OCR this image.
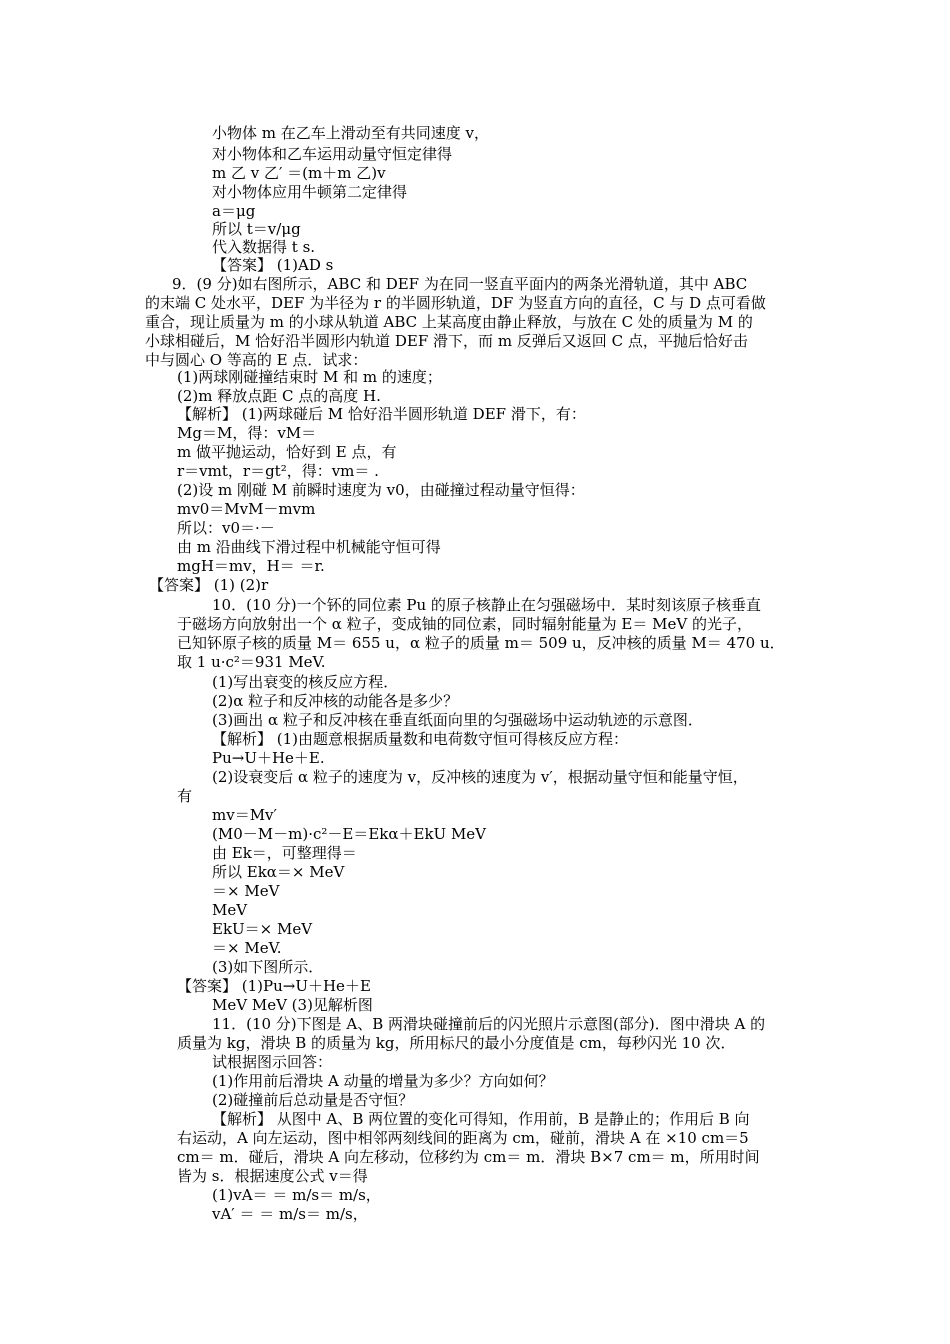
小物体 m 在乙车上滑动至有共同速度 v，
对小物体和乙车运用动量守恒定律得
m 乙 v 乙′ ＝(m＋m 乙)v
对小物体应用牛顿第二定律得
a＝μg
所以 t＝v/μg
代入数据得 t s.
【答案】 (1)AD s
9．(9 分)如右图所示，ABC 和 DEF 为在同一竖直平面内的两条光滑轨道，其中 ABC
的末端 C 处水平，DEF 为半径为 r 的半圆形轨道，DF 为竖直方向的直径，C 与 D 点可看做
重合，现让质量为 m 的小球从轨道 ABC 上某高度由静止释放，与放在 C 处的质量为 M 的
小球相碰后，M 恰好沿半圆形内轨道 DEF 滑下，而 m 反弹后又返回 C 点，平抛后恰好击
中与圆心 O 等高的 E 点．试求：
(1)两球刚碰撞结束时 M 和 m 的速度；
(2)m 释放点距 C 点的高度 H.
【解析】 (1)两球碰后 M 恰好沿半圆形轨道 DEF 滑下，有：
Mg＝M，得：vM＝
m 做平抛运动，恰好到 E 点，有
r＝vmt，r＝gt²，得：vm＝ .
(2)设 m 刚碰 M 前瞬时速度为 v0，由碰撞过程动量守恒得：
mv0＝MvM－mvm
所以：v0＝·－
由 m 沿曲线下滑过程中机械能守恒可得
mgH＝mv，H＝ ＝r.
【答案】 (1) (2)r
10．(10 分)一个钚的同位素 Pu 的原子核静止在匀强磁场中．某时刻该原子核垂直
于磁场方向放射出一个 α 粒子，变成铀的同位素，同时辐射能量为 E＝ MeV 的光子，
已知钚原子核的质量 M＝ 655 u，α 粒子的质量 m＝ 509 u，反冲核的质量 M＝ 470 u．
取 1 u·c²＝931 MeV.
(1)写出衰变的核反应方程．
(2)α 粒子和反冲核的动能各是多少？
(3)画出 α 粒子和反冲核在垂直纸面向里的匀强磁场中运动轨迹的示意图．
【解析】 (1)由题意根据质量数和电荷数守恒可得核反应方程：
Pu→U＋He＋E.
(2)设衰变后 α 粒子的速度为 v，反冲核的速度为 v′，根据动量守恒和能量守恒，
有
mv＝Mv′
(M0－M－m)·c²－E＝Ekα＋EkU MeV
由 Ek＝，可整理得＝
所以 Ekα＝× MeV
＝× MeV
MeV
EkU＝× MeV
＝× MeV.
(3)如下图所示．
【答案】 (1)Pu→U＋He＋E
MeV MeV (3)见解析图
11．(10 分)下图是 A、B 两滑块碰撞前后的闪光照片示意图(部分)．图中滑块 A 的
质量为 kg，滑块 B 的质量为 kg，所用标尺的最小分度值是 cm，每秒闪光 10 次．
试根据图示回答：
(1)作用前后滑块 A 动量的增量为多少？方向如何？
(2)碰撞前后总动量是否守恒？
【解析】 从图中 A、B 两位置的变化可得知，作用前，B 是静止的；作用后 B 向
右运动，A 向左运动，图中相邻两刻线间的距离为 cm，碰前，滑块 A 在 ×10 cm＝5
cm＝ m．碰后，滑块 A 向左移动，位移约为 cm＝ m．滑块 B×7 cm＝ m，所用时间
皆为 s．根据速度公式 v＝得
(1)vA＝ ＝ m/s＝ m/s，
vA′ ＝ ＝ m/s＝ m/s，
